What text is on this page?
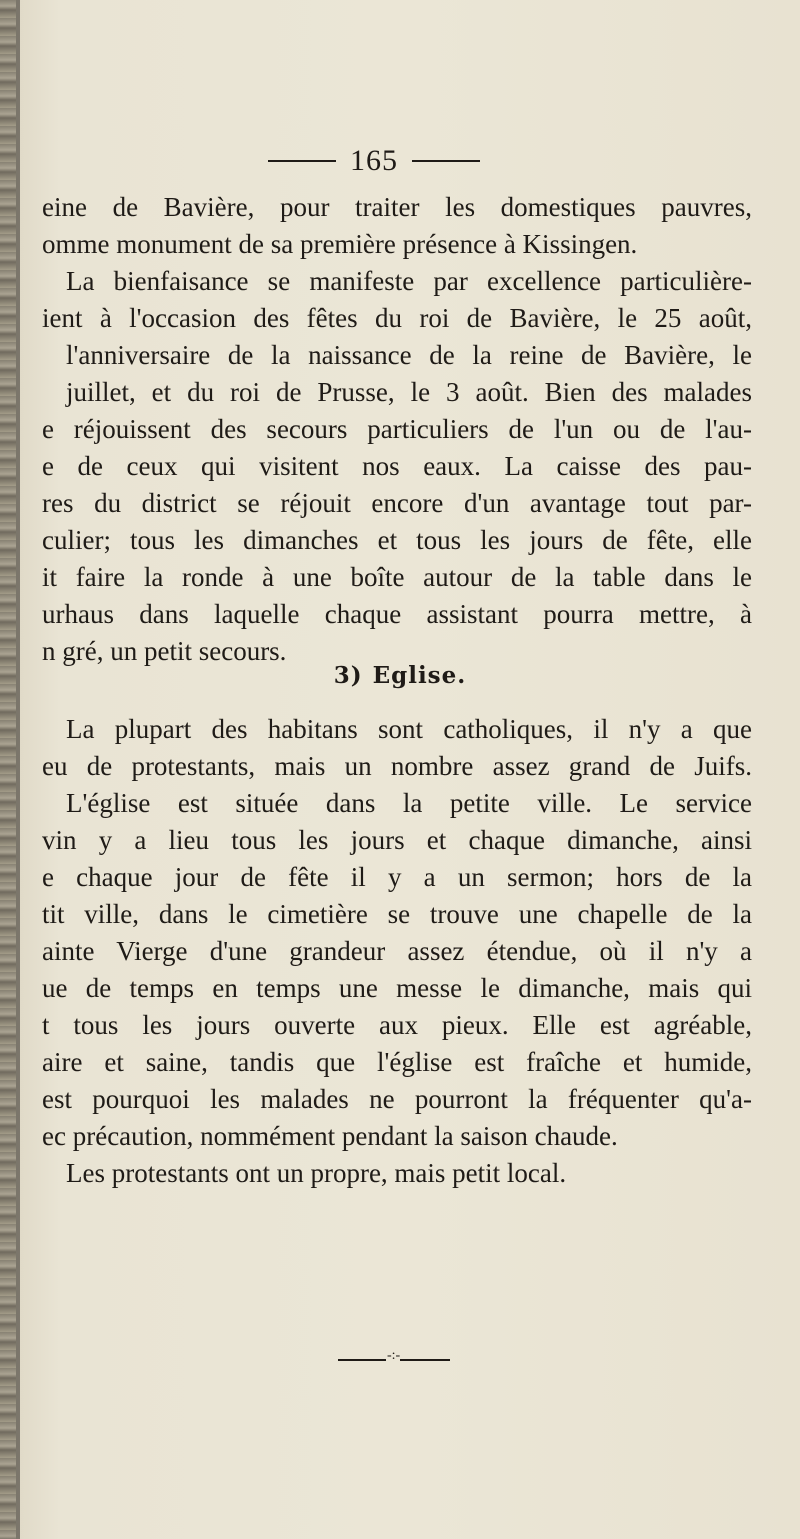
165
eine de Bavière, pour traiter les domestiques pauvres,
omme monument de sa première présence à Kissingen.
La bienfaisance se manifeste par excellence particulière-
ient à l'occasion des fêtes du roi de Bavière, le 25 août,
l'anniversaire de la naissance de la reine de Bavière, le
juillet, et du roi de Prusse, le 3 août. Bien des malades
e réjouissent des secours particuliers de l'un ou de l'au-
e de ceux qui visitent nos eaux. La caisse des pau-
res du district se réjouit encore d'un avantage tout par-
culier; tous les dimanches et tous les jours de fête, elle
it faire la ronde à une boîte autour de la table dans le
urhaus dans laquelle chaque assistant pourra mettre, à
n gré, un petit secours.
3) Eglise.
La plupart des habitans sont catholiques, il n'y a que
eu de protestants, mais un nombre assez grand de Juifs.
L'église est située dans la petite ville. Le service
vin y a lieu tous les jours et chaque dimanche, ainsi
e chaque jour de fête il y a un sermon; hors de la
tit ville, dans le cimetière se trouve une chapelle de la
ainte Vierge d'une grandeur assez étendue, où il n'y a
ue de temps en temps une messe le dimanche, mais qui
t tous les jours ouverte aux pieux. Elle est agréable,
aire et saine, tandis que l'église est fraîche et humide,
est pourquoi les malades ne pourront la fréquenter qu'a-
ec précaution, nommément pendant la saison chaude.
Les protestants ont un propre, mais petit local.
-:-
